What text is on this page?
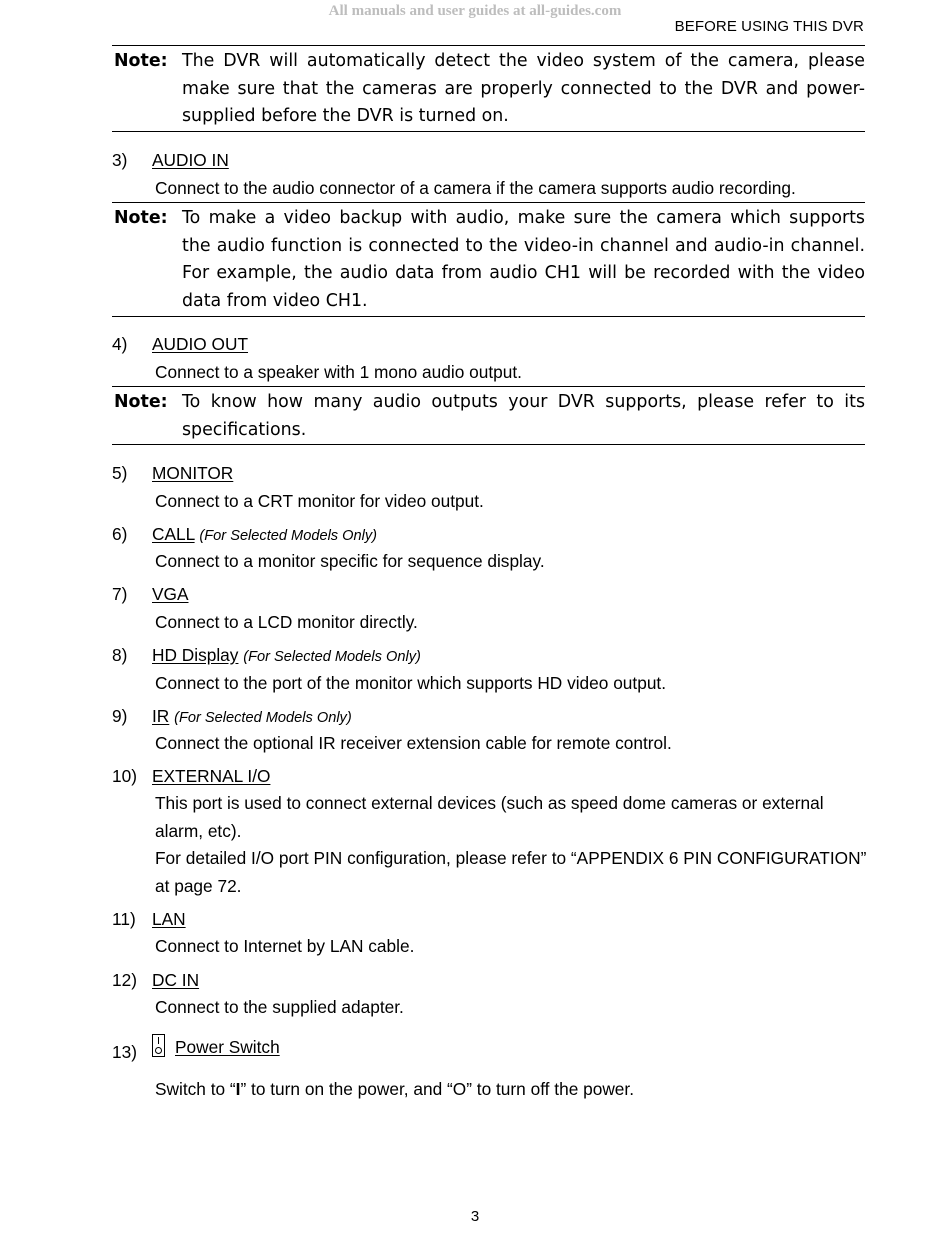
All manuals and user guides at all-guides.com
BEFORE USING THIS DVR
Note: The DVR will automatically detect the video system of the camera, please make sure that the cameras are properly connected to the DVR and power-supplied before the DVR is turned on.
3) AUDIO IN
Connect to the audio connector of a camera if the camera supports audio recording.
Note: To make a video backup with audio, make sure the camera which supports the audio function is connected to the video-in channel and audio-in channel. For example, the audio data from audio CH1 will be recorded with the video data from video CH1.
4) AUDIO OUT
Connect to a speaker with 1 mono audio output.
Note: To know how many audio outputs your DVR supports, please refer to its specifications.
5) MONITOR
Connect to a CRT monitor for video output.
6) CALL (For Selected Models Only)
Connect to a monitor specific for sequence display.
7) VGA
Connect to a LCD monitor directly.
8) HD Display (For Selected Models Only)
Connect to the port of the monitor which supports HD video output.
9) IR (For Selected Models Only)
Connect the optional IR receiver extension cable for remote control.
10) EXTERNAL I/O
This port is used to connect external devices (such as speed dome cameras or external alarm, etc).
For detailed I/O port PIN configuration, please refer to “APPENDIX 6 PIN CONFIGURATION” at page 72.
11) LAN
Connect to Internet by LAN cable.
12) DC IN
Connect to the supplied adapter.
13)	Power Switch
Switch to “I” to turn on the power, and “O” to turn off the power.
3
